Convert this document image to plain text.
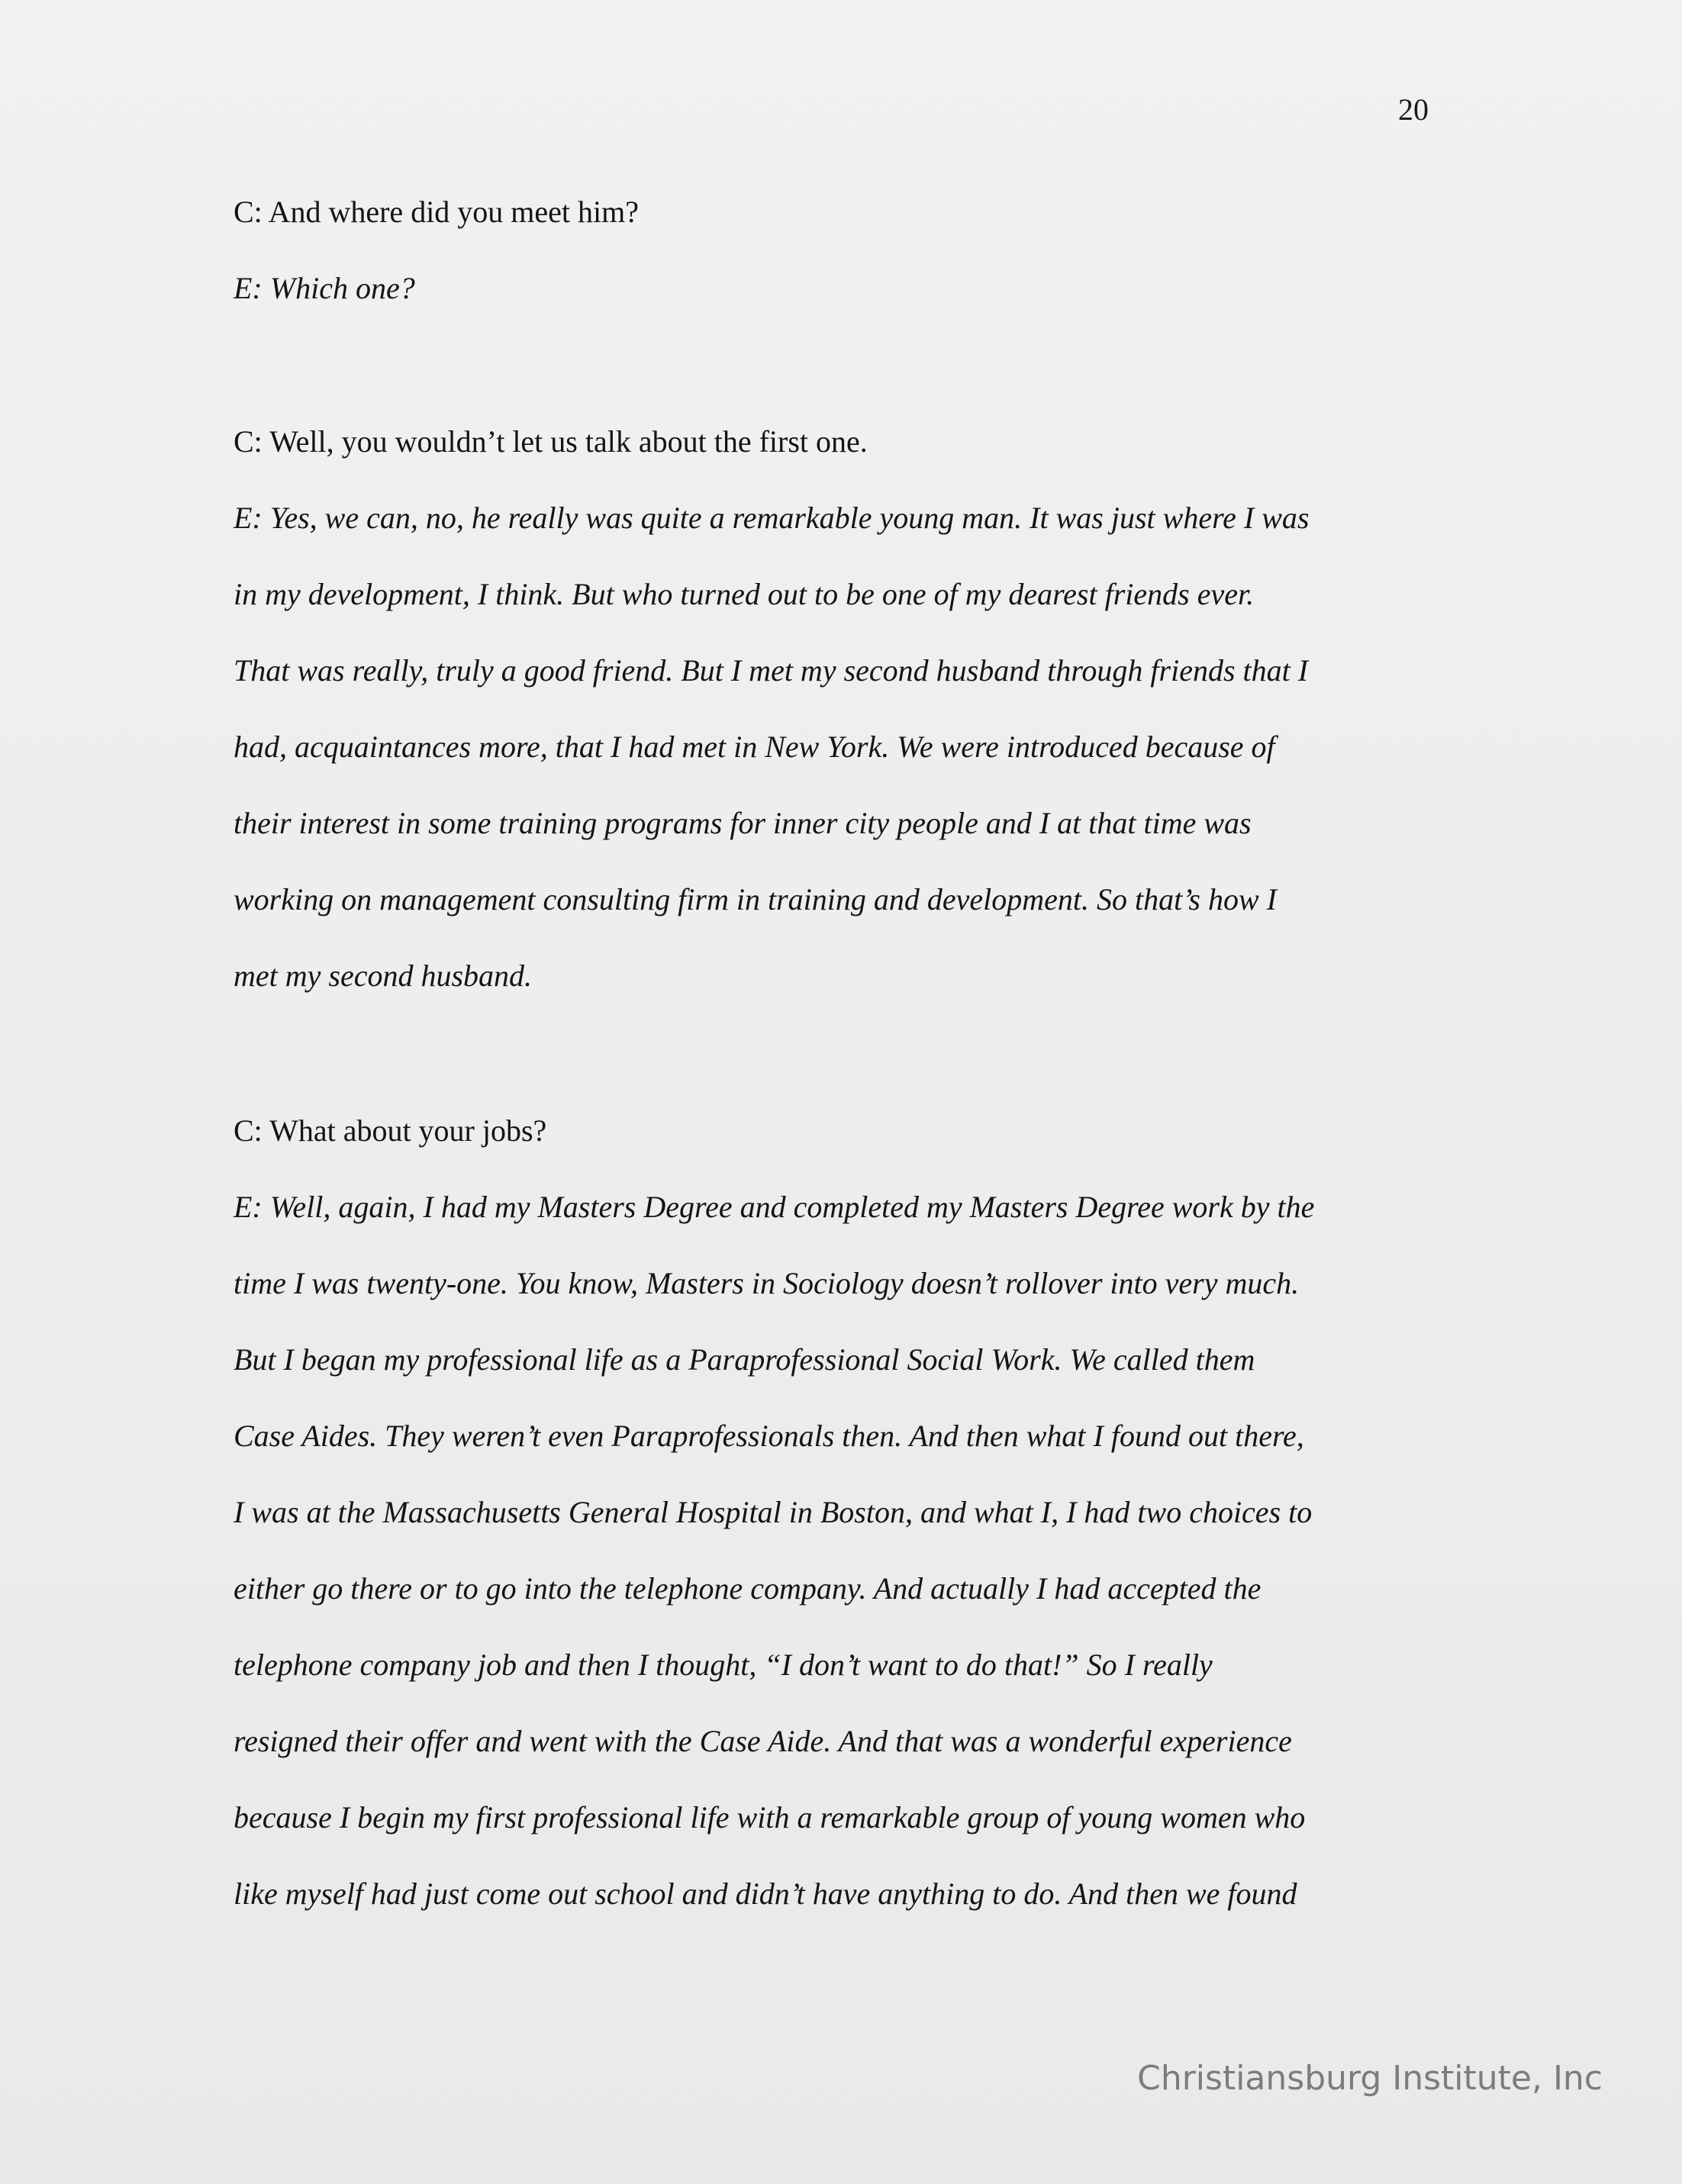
20
C: And where did you meet him?
E: Which one?
C: Well, you wouldn’t let us talk about the first one.
E: Yes, we can, no, he really was quite a remarkable young man. It was just where I was
in my development, I think. But who turned out to be one of my dearest friends ever.
That was really, truly a good friend. But I met my second husband through friends that I
had, acquaintances more, that I had met in New York. We were introduced because of
their interest in some training programs for inner city people and I at that time was
working on management consulting firm in training and development. So that’s how I
met my second husband.
C: What about your jobs?
E: Well, again, I had my Masters Degree and completed my Masters Degree work by the
time I was twenty-one. You know, Masters in Sociology doesn’t rollover into very much.
But I began my professional life as a Paraprofessional Social Work. We called them
Case Aides. They weren’t even Paraprofessionals then. And then what I found out there,
I was at the Massachusetts General Hospital in Boston, and what I, I had two choices to
either go there or to go into the telephone company. And actually I had accepted the
telephone company job and then I thought, “I don’t want to do that!” So I really
resigned their offer and went with the Case Aide. And that was a wonderful experience
because I begin my first professional life with a remarkable group of young women who
like myself had just come out school and didn’t have anything to do. And then we found
Christiansburg Institute, Inc
